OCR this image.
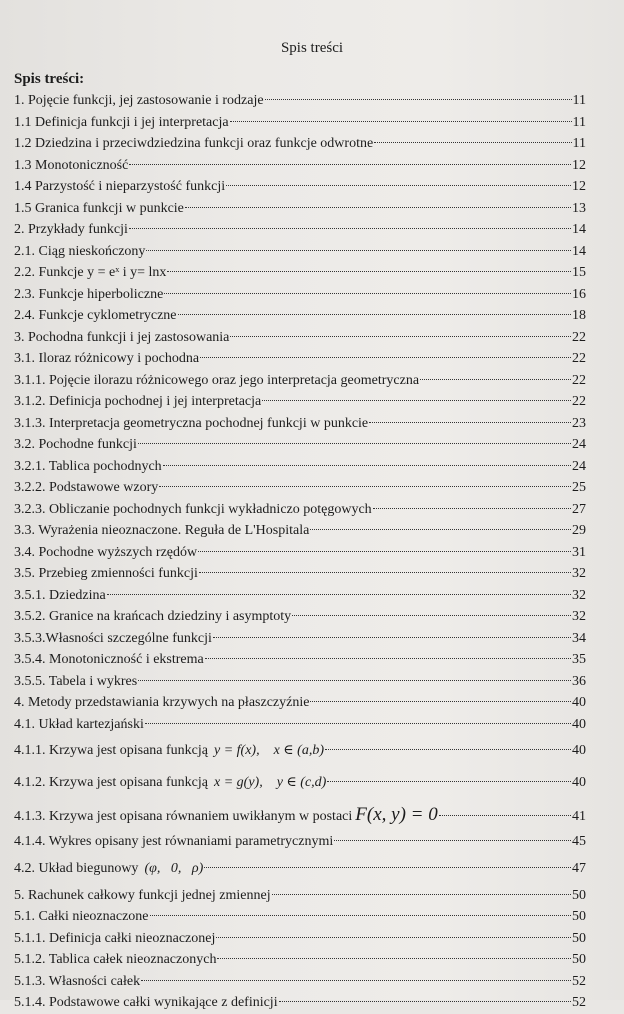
Spis treści
Spis treści:
1. Pojęcie funkcji, jej zastosowanie i rodzaje	11
1.1 Definicja funkcji i jej interpretacja	11
1.2 Dziedzina i przeciwdziedzina funkcji oraz funkcje odwrotne	11
1.3 Monotoniczność	12
1.4 Parzystość i nieparzystość funkcji	12
1.5 Granica funkcji w punkcie	13
2. Przykłady funkcji	14
2.1. Ciąg nieskończony	14
2.2. Funkcje y = eˣ i y= lnx	15
2.3. Funkcje hiperboliczne	16
2.4. Funkcje cyklometryczne	18
3. Pochodna funkcji i jej zastosowania	22
3.1. Iloraz różnicowy i pochodna	22
3.1.1. Pojęcie ilorazu różnicowego oraz jego interpretacja geometryczna	22
3.1.2. Definicja pochodnej i jej interpretacja	22
3.1.3. Interpretacja geometryczna pochodnej funkcji w punkcie	23
3.2. Pochodne funkcji	24
3.2.1. Tablica pochodnych	24
3.2.2. Podstawowe wzory	25
3.2.3. Obliczanie pochodnych funkcji wykładniczo potęgowych	27
3.3. Wyrażenia nieoznaczone. Reguła de L'Hospitala	29
3.4. Pochodne wyższych rzędów	31
3.5. Przebieg zmienności funkcji	32
3.5.1. Dziedzina	32
3.5.2. Granice na krańcach dziedziny i asymptoty	32
3.5.3.Własności szczególne funkcji	34
3.5.4. Monotoniczność i ekstrema	35
3.5.5. Tabela i wykres	36
4. Metody przedstawiania krzywych na płaszczyźnie	40
4.1. Układ kartezjański	40
4.1.1. Krzywa jest opisana funkcją y = f(x),    x ∈ (a,b)	40
4.1.2. Krzywa jest opisana funkcją x = g(y),    y ∈ (c,d)	40
4.1.3. Krzywa jest opisana równaniem uwikłanym w postaci F(x, y) = 0	41
4.1.4. Wykres opisany jest równaniami parametrycznymi	45
4.2. Układ biegunowy (φ,   0,   ρ)	47
5. Rachunek całkowy funkcji jednej zmiennej	50
5.1. Całki nieoznaczone	50
5.1.1. Definicja całki nieoznaczonej	50
5.1.2. Tablica całek nieoznaczonych	50
5.1.3. Własności całek	52
5.1.4. Podstawowe całki wynikające z definicji	52
